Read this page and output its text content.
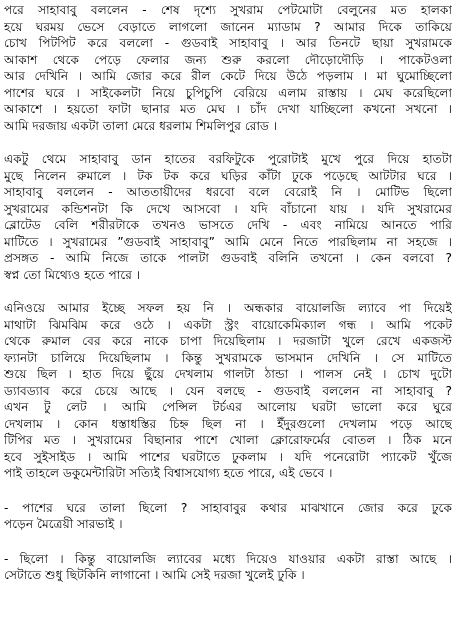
পরে সাহাবাবু বললেন - শেষ দৃশ্যে সুখরাম পেটমোটা বেলুনের মত হালকা
হয়ে ঘরময় ভেসে বেড়াতে লাগলো জানেন ম্যাডাম ? আমার দিকে তাকিয়ে
চোখ পিটপিট করে বললো - গুডবাই সাহাবাবু । আর তিনটে ছায়া সুখরামকে
আকাশ থেকে পেড়ে ফেলার জন্য শুরু করলো দৌড়োদৌড়ি । পাকেটওলা
আর দেখিনি । আমি জোর করে রীল কেটে দিয়ে উঠে পড়লাম । মা ঘুমোচ্ছিলো
পাশের ঘরে । সাইকেলটা নিয়ে চুপিচুপি বেরিয়ে এলাম রাস্তায় । মেঘ করেছিলো
আকাশে । হয়তো ফাটা ছানার মত মেঘ । চাঁদ দেখা যাচ্ছিলো কখনো সখনো ।
আমি দরজায় একটা তালা মেরে ধরলাম শিমলিপুর রোড ।
একটু থেমে সাহাবাবু ডান হাতের বরফিটুকে পুরোটাই মুখে পুরে দিয়ে হাতটা
মুছে নিলেন রুমালে । টক টক করে ঘড়ির কাঁটা ঢুকে পড়েছে আটটার ঘরে ।
সাহাবাবু বললেন - আততায়ীদের ধরবো বলে বেরোই নি । মোটিভ ছিলো
সুখরামের কন্ডিশনটা কি দেখে আসবো । যদি বাঁচানো যায় । যদি সুখরামের
ব্লোটেড বেলি শরীরটাকে তখনও ভাসতে দেখি - এবং নামিয়ে আনতে পারি
মাটিতে । সুখরামের ”গুডবাই সাহাবাবু” আমি মেনে নিতে পারছিলাম না সহজে ।
প্রসঙ্গত - আমি নিজে তাকে পালটা গুডবাই বলিনি তখনো । কেন বলবো ?
স্বপ্ন তো মিথ্যেও হতে পারে ।
এনিওয়ে আমার ইচ্ছে সফল হয় নি । অন্ধকার বায়োলজি ল্যাবে পা দিয়েই
মাথাটা ঝিমঝিম করে ওঠে । একটা স্ট্রং বায়োকেমিক্যাল গন্ধ । আমি পকেট
থেকে রুমাল বের করে নাকে চাপা দিয়েছিলাম । দরজাটা খুলে রেখে একজস্ট
ফ্যানটা চালিয়ে দিয়েছিলাম । কিন্তু সুখরামকে ভাসমান দেখিনি । সে মাটিতে
শুয়ে ছিল । হাত দিয়ে ছুঁয়ে দেখলাম গালটা ঠান্ডা । পালস নেই । চোখ দুটো
ড্যাবড্যাব করে চেয়ে আছে । যেন বলছে - গুডবাই বললেন না সাহাবাবু ?
এখন টু লেট । আমি পেন্সিল টর্চএর আলোয় ঘরটা ভালো করে ঘুরে
দেখলাম । কোন ধস্তাধস্তির চিহ্ন ছিল না । ইঁদুরগুলো দেখলাম পড়ে আছে
টিপির মত । সুখরামের বিছানার পাশে খোলা ক্লোরোফর্মের বোতল । ঠিক মনে
হবে সুইসাইড । আমি পাশের ঘরটাতে ঢুকলাম । যদি পনেরোটা প্যাকেট খুঁজে
পাই তাহলে ডকুমেন্টারিটা সত্যিই বিশ্বাসযোগ্য হতে পারে, এই ভেবে ।
- পাশের ঘরে তালা ছিলো ? সাহাবাবুর কথার মাঝখানে জোর করে ঢুকে
পড়েন মৈত্রেয়ী সারভাই ।
- ছিলো । কিন্তু বায়োলজি ল্যাবের মধ্যে দিয়েও যাওয়ার একটা রাস্তা আছে ।
সেটাতে শুধু ছিটকিনি লাগানো । আমি সেই দরজা খুলেই ঢুকি ।
